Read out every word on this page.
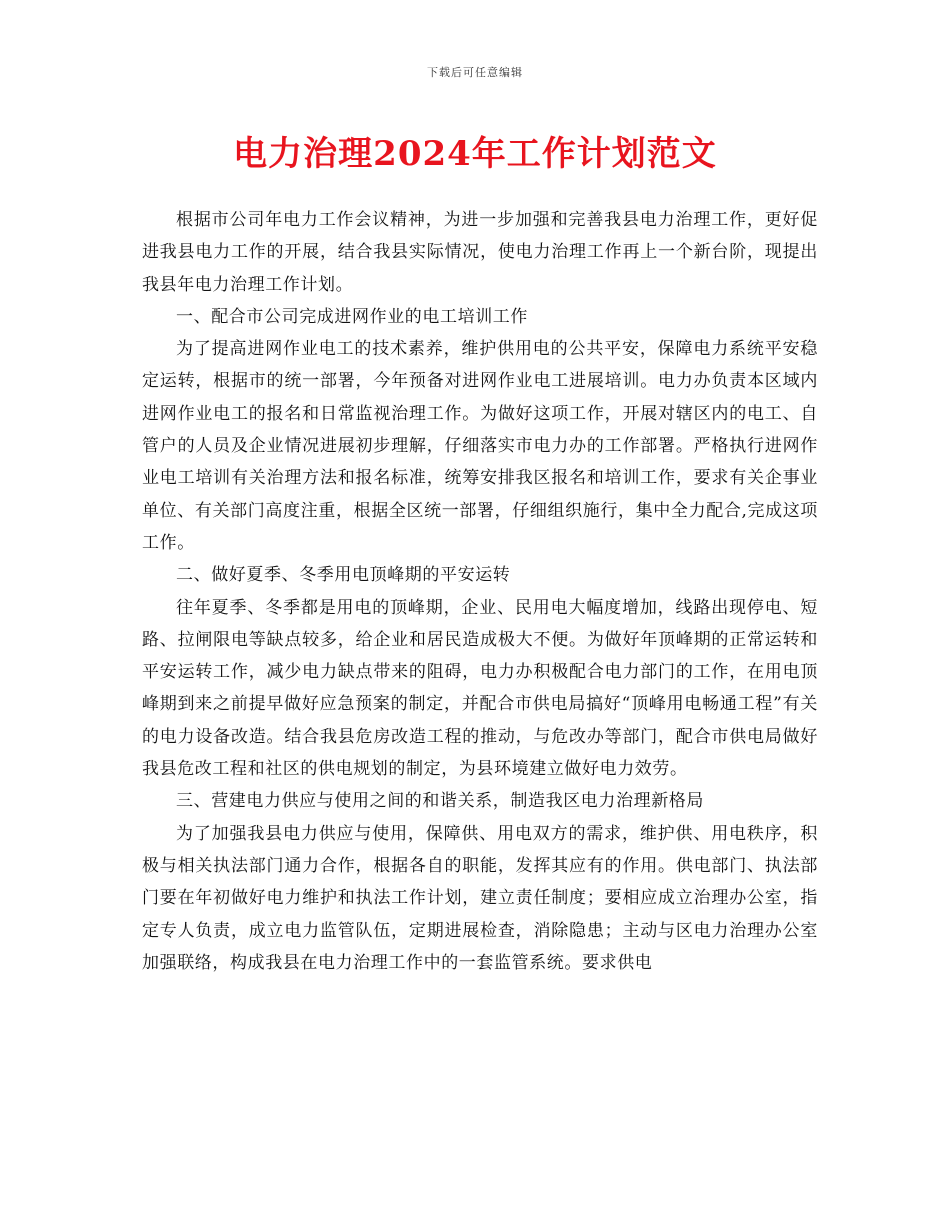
下载后可任意编辑
电力治理2024年工作计划范文

根据市公司年电力工作会议精神，为进一步加强和完善我县电力治理工作，更好促进我县电力工作的开展，结合我县实际情况，使电力治理工作再上一个新台阶，现提出我县年电力治理工作计划。

一、配合市公司完成进网作业的电工培训工作

为了提高进网作业电工的技术素养，维护供用电的公共平安，保障电力系统平安稳定运转，根据市的统一部署，今年预备对进网作业电工进展培训。电力办负责本区域内进网作业电工的报名和日常监视治理工作。为做好这项工作，开展对辖区内的电工、自管户的人员及企业情况进展初步理解，仔细落实市电力办的工作部署。严格执行进网作业电工培训有关治理方法和报名标准，统筹安排我区报名和培训工作，要求有关企事业单位、有关部门高度注重，根据全区统一部署，仔细组织施行，集中全力配合,完成这项工作。

二、做好夏季、冬季用电顶峰期的平安运转

往年夏季、冬季都是用电的顶峰期，企业、民用电大幅度增加，线路出现停电、短路、拉闸限电等缺点较多，给企业和居民造成极大不便。为做好年顶峰期的正常运转和平安运转工作，减少电力缺点带来的阻碍，电力办积极配合电力部门的工作，在用电顶峰期到来之前提早做好应急预案的制定，并配合市供电局搞好“顶峰用电畅通工程”有关的电力设备改造。结合我县危房改造工程的推动，与危改办等部门，配合市供电局做好我县危改工程和社区的供电规划的制定，为县环境建立做好电力效劳。

三、营建电力供应与使用之间的和谐关系，制造我区电力治理新格局

为了加强我县电力供应与使用，保障供、用电双方的需求，维护供、用电秩序，积极与相关执法部门通力合作，根据各自的职能，发挥其应有的作用。供电部门、执法部门要在年初做好电力维护和执法工作计划，建立责任制度；要相应成立治理办公室，指定专人负责，成立电力监管队伍，定期进展检查，消除隐患；主动与区电力治理办公室加强联络，构成我县在电力治理工作中的一套监管系统。要求供电
